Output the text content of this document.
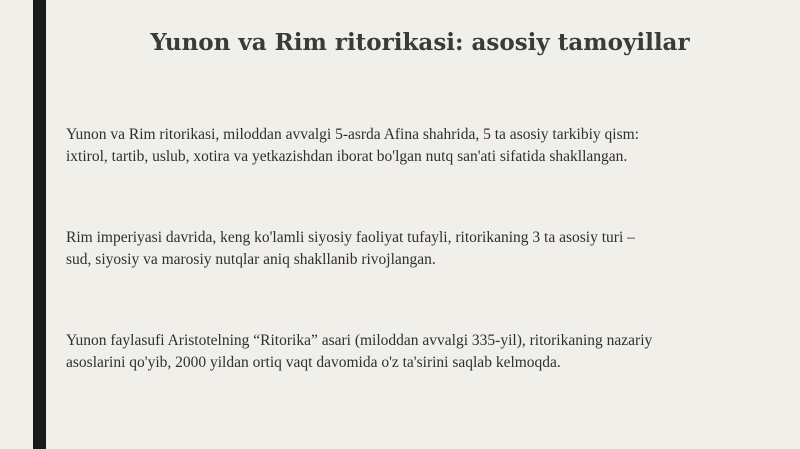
Yunon va Rim ritorikasi: asosiy tamoyillar
Yunon va Rim ritorikasi, miloddan avvalgi 5-asrda Afina shahrida, 5 ta asosiy tarkibiy qism:
ixtirol, tartib, uslub, xotira va yetkazishdan iborat bo'lgan nutq san'ati sifatida shakllangan.
Rim imperiyasi davrida, keng ko'lamli siyosiy faoliyat tufayli, ritorikaning 3 ta asosiy turi –
sud, siyosiy va marosiy nutqlar aniq shakllanib rivojlangan.
Yunon faylasufi Aristotelning “Ritorika” asari (miloddan avvalgi 335-yil), ritorikaning nazariy
asoslarini qo'yib, 2000 yildan ortiq vaqt davomida o'z ta'sirini saqlab kelmoqda.
